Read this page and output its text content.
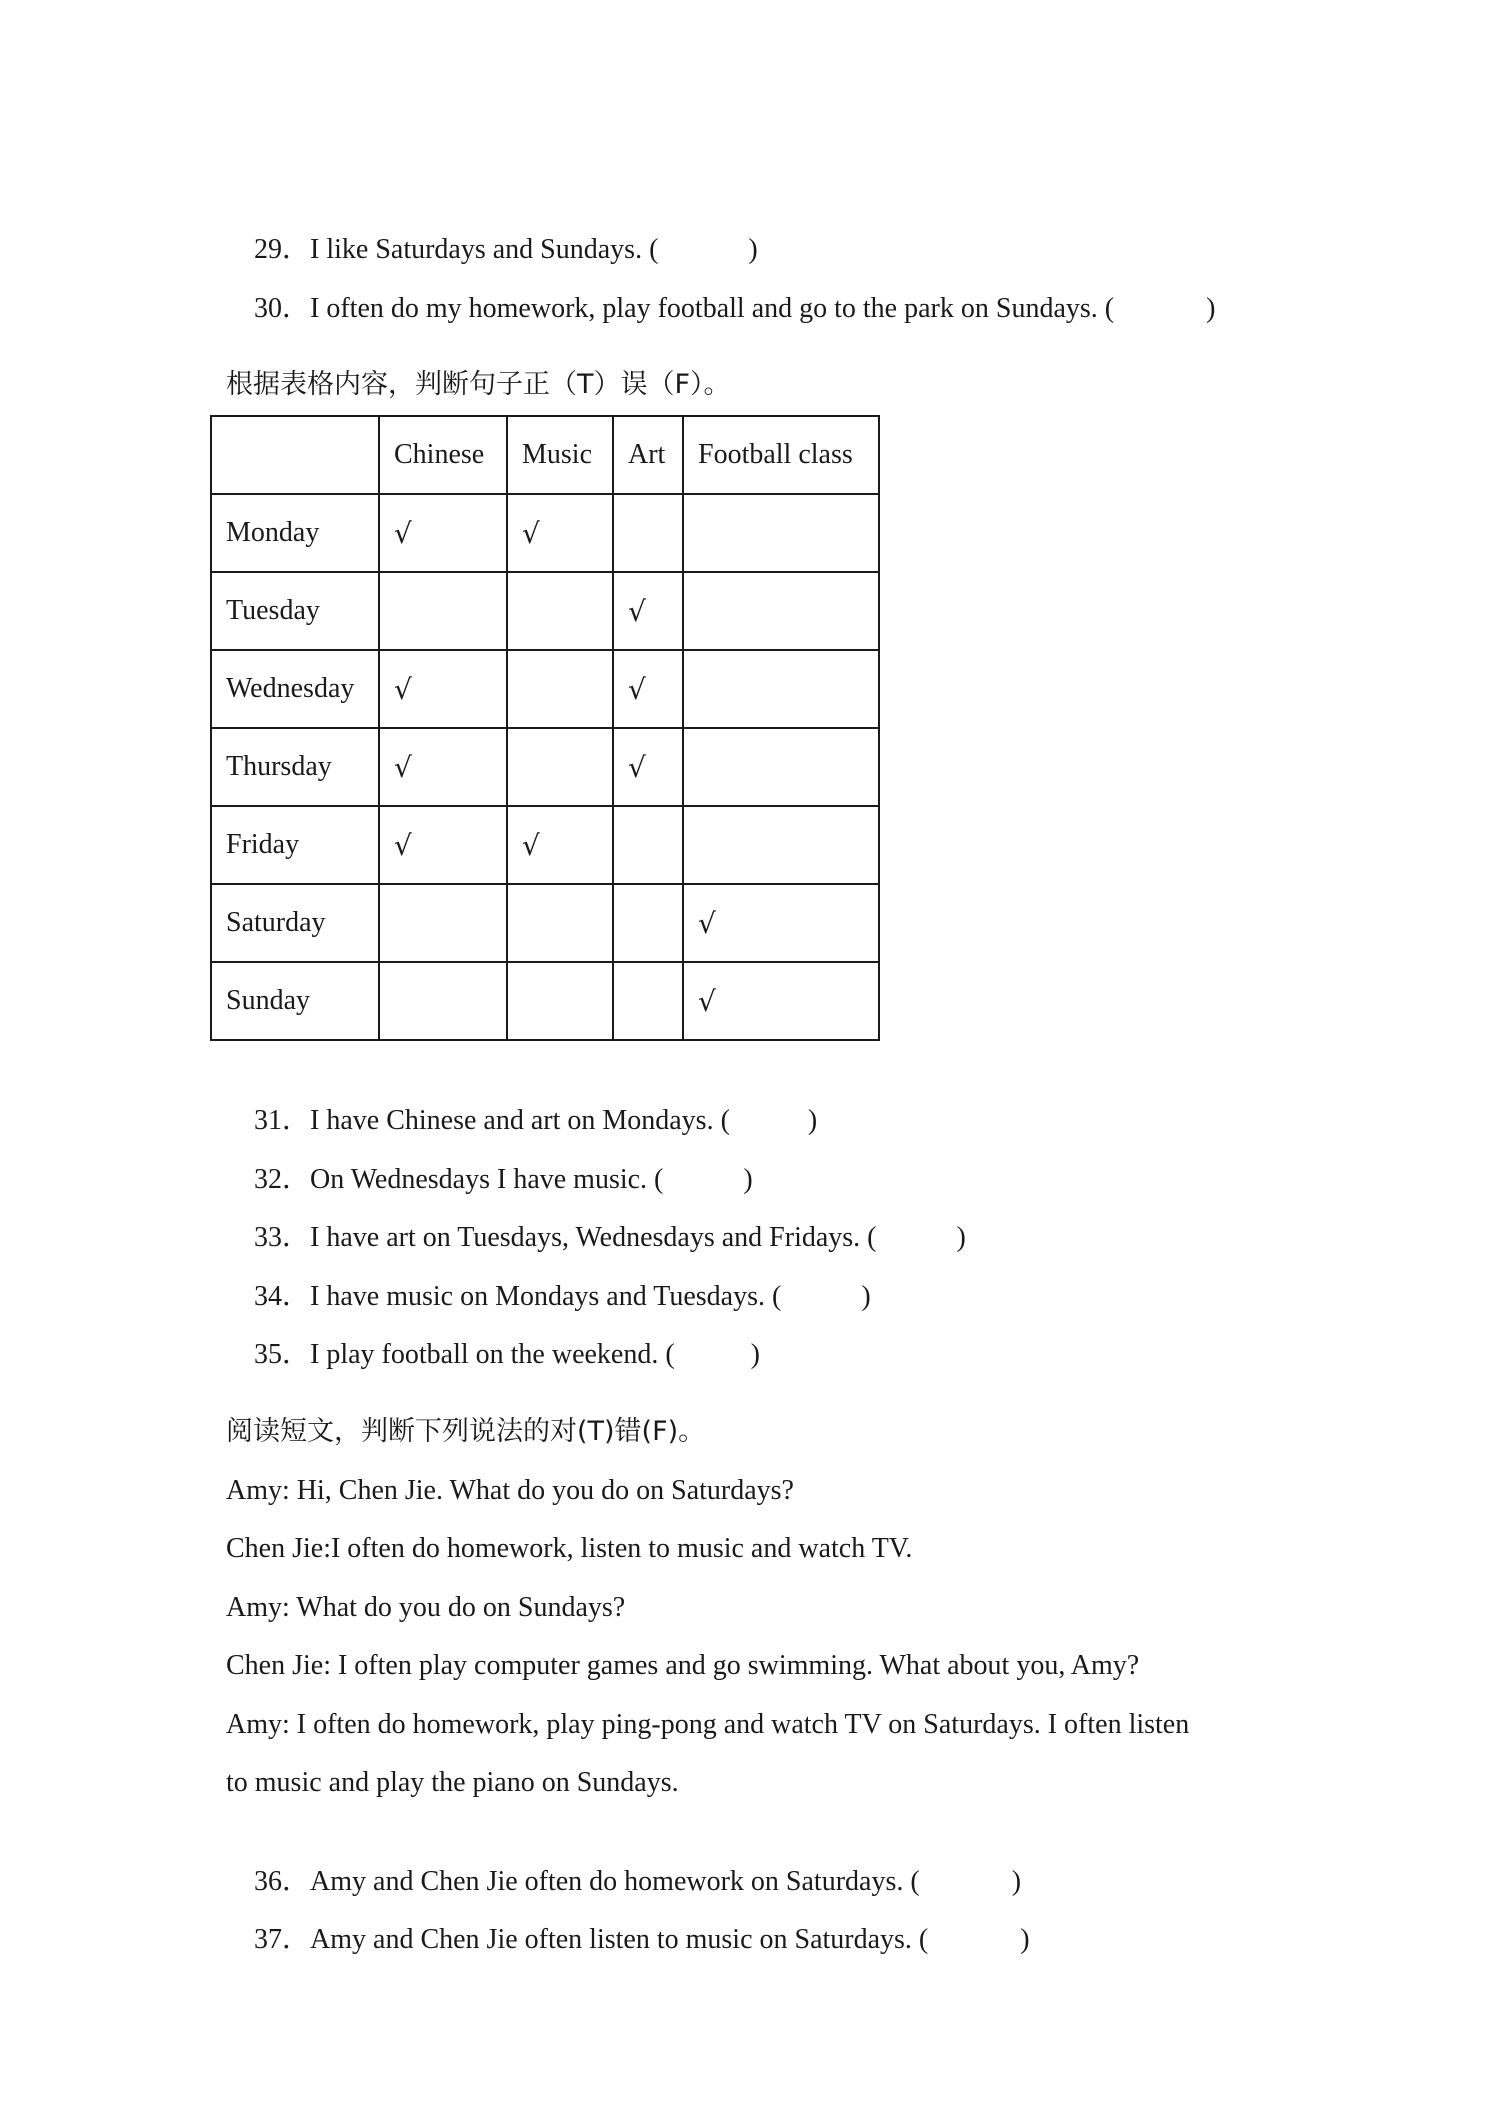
29．I like Saturdays and Sundays. (	)

30．I often do my homework, play football and go to the park on Sundays. (	)

根据表格内容，判断句子正（T）误（F）。
	Chinese	Music	Art	Football class
Monday	√	√		
Tuesday			√	
Wednesday	√		√	
Thursday	√		√	
Friday	√	√		
Saturday				√
Sunday				√

31．I have Chinese and art on Mondays. (	)

32．On Wednesdays I have music. (	)

33．I have art on Tuesdays, Wednesdays and Fridays. (	)

34．I have music on Mondays and Tuesdays. (	)

35．I play football on the weekend. (	)

阅读短文，判断下列说法的对(T)错(F)。
Amy: Hi, Chen Jie. What do you do on Saturdays?
Chen Jie:I often do homework, listen to music and watch TV.
Amy: What do you do on Sundays?
Chen Jie: I often play computer games and go swimming. What about you, Amy?
Amy: I often do homework, play ping-pong and watch TV on Saturdays. I often listen
to music and play the piano on Sundays.

36．Amy and Chen Jie often do homework on Saturdays. (	)

37．Amy and Chen Jie often listen to music on Saturdays. (	)
